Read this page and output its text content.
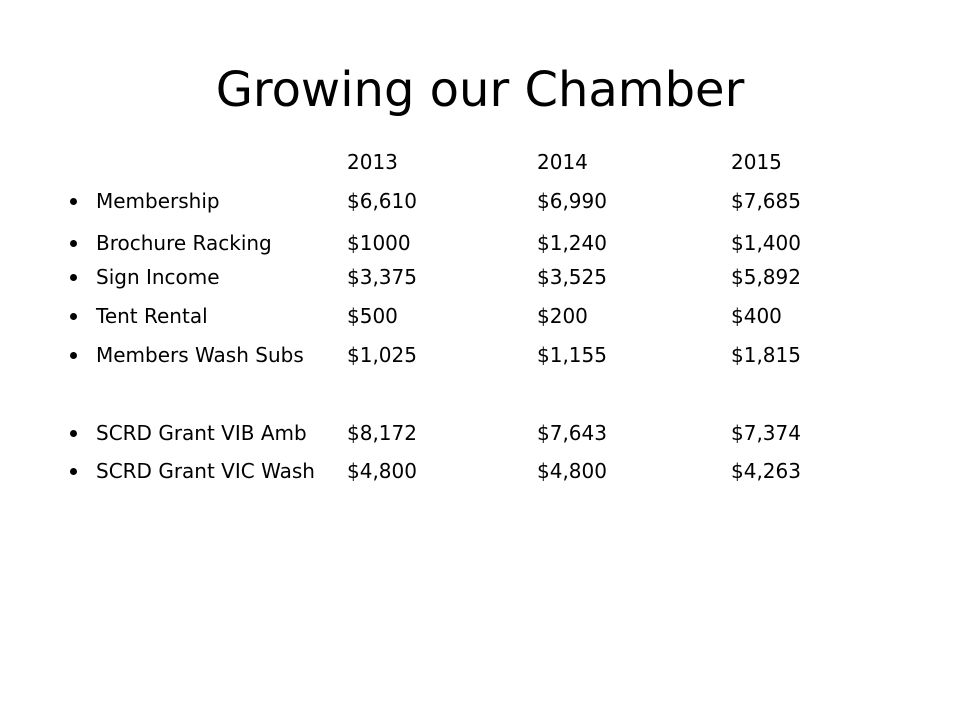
Growing our Chamber
2013	2014	2015
Membership	$6,610	$6,990	$7,685
Brochure Racking	$1000	$1,240	$1,400
Sign Income	$3,375	$3,525	$5,892
Tent Rental	$500	$200	$400
Members Wash Subs $1,025	$1,155	$1,815
SCRD Grant VIB Amb $8,172	$7,643	$7,374
SCRD Grant VIC Wash $4,800	$4,800	$4,263
